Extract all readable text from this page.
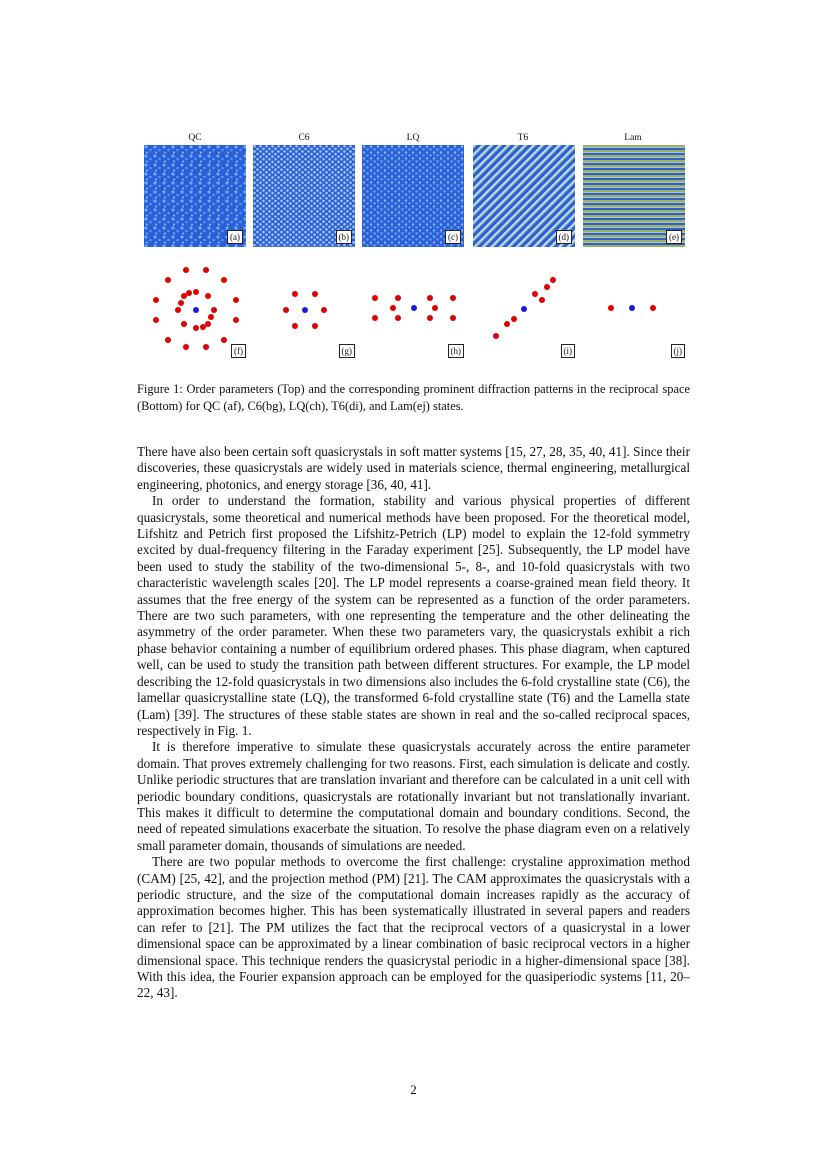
QC	C6	LQ	T6	Lam
(a)	(b)	(c)	(d)	(e)
(f)	(g)	(h)	(i)	(j)
Figure 1: Order parameters (Top) and the corresponding prominent diffraction patterns in the reciprocal space (Bottom) for QC (af), C6(bg), LQ(ch), T6(di), and Lam(ej) states.

There have also been certain soft quasicrystals in soft matter systems [15, 27, 28, 35, 40, 41]. Since their discoveries, these quasicrystals are widely used in materials science, thermal engineering, metallurgical engineering, photonics, and energy storage [36, 40, 41].

In order to understand the formation, stability and various physical properties of different quasicrystals, some theoretical and numerical methods have been proposed. For the theoretical model, Lifshitz and Petrich first proposed the Lifshitz-Petrich (LP) model to explain the 12-fold symmetry excited by dual-frequency filtering in the Faraday experiment [25]. Subsequently, the LP model have been used to study the stability of the two-dimensional 5-, 8-, and 10-fold quasicrystals with two characteristic wavelength scales [20]. The LP model represents a coarse-grained mean field theory. It assumes that the free energy of the system can be represented as a function of the order parameters. There are two such parameters, with one representing the temperature and the other delineating the asymmetry of the order parameter. When these two parameters vary, the quasicrystals exhibit a rich phase behavior containing a number of equilibrium ordered phases. This phase diagram, when captured well, can be used to study the transition path between different structures. For example, the LP model describing the 12-fold quasicrystals in two dimensions also includes the 6-fold crystalline state (C6), the lamellar quasicrystalline state (LQ), the transformed 6-fold crystalline state (T6) and the Lamella state (Lam) [39]. The structures of these stable states are shown in real and the so-called reciprocal spaces, respectively in Fig. 1.

It is therefore imperative to simulate these quasicrystals accurately across the entire parameter domain. That proves extremely challenging for two reasons. First, each simulation is delicate and costly. Unlike periodic structures that are translation invariant and therefore can be calculated in a unit cell with periodic boundary conditions, quasicrystals are rotationally invariant but not translationally invariant. This makes it difficult to determine the computational domain and boundary conditions. Second, the need of repeated simulations exacerbate the situation. To resolve the phase diagram even on a relatively small parameter domain, thousands of simulations are needed.

There are two popular methods to overcome the first challenge: crystaline approximation method (CAM) [25, 42], and the projection method (PM) [21]. The CAM approximates the quasicrystals with a periodic structure, and the size of the computational domain increases rapidly as the accuracy of approximation becomes higher. This has been systematically illustrated in several papers and readers can refer to [21]. The PM utilizes the fact that the reciprocal vectors of a quasicrystal in a lower dimensional space can be approximated by a linear combination of basic reciprocal vectors in a higher dimensional space. This technique renders the quasicrystal periodic in a higher-dimensional space [38]. With this idea, the Fourier expansion approach can be employed for the quasiperiodic systems [11, 20–22, 43].

2
